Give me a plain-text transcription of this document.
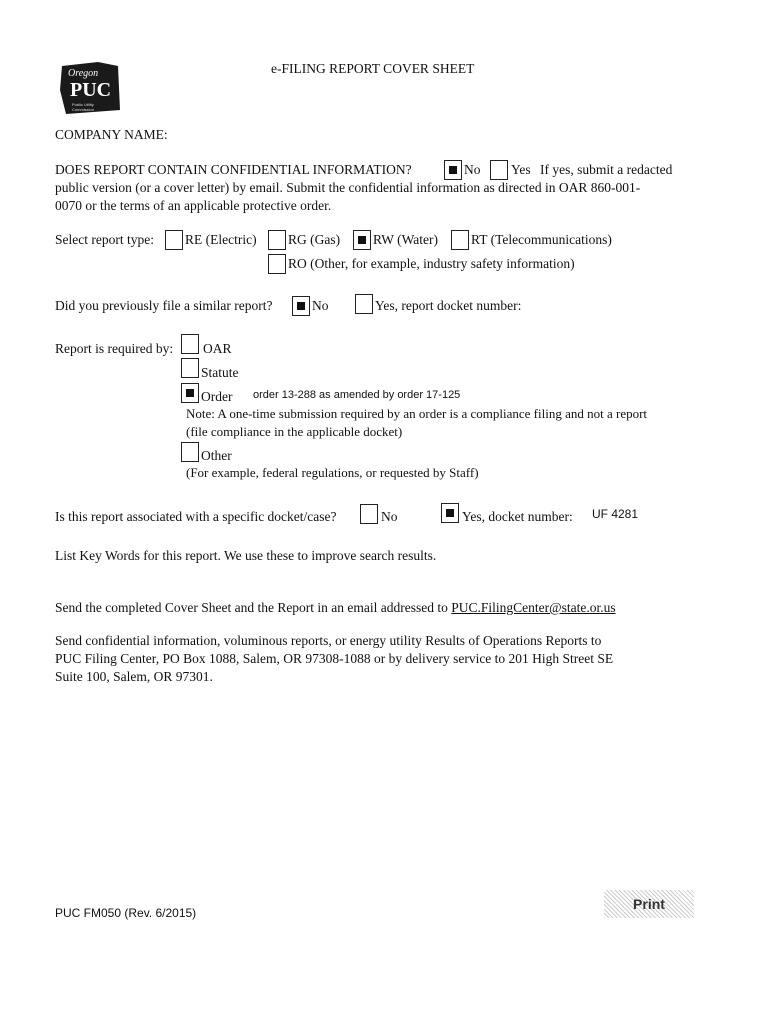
Oregon
PUC
Public Utility
Commission
e-FILING REPORT COVER SHEET
COMPANY NAME:
DOES REPORT CONTAIN CONFIDENTIAL INFORMATION?	No Yes If yes, submit a redacted
public version (or a cover letter) by email. Submit the confidential information as directed in OAR 860-001-
0070 or the terms of an applicable protective order.
Select report type: RE (Electric) RG (Gas) RW (Water) RT (Telecommunications)
RO (Other, for example, industry safety information)
Did you previously file a similar report?	No	Yes, report docket number:
Report is required by: OAR
Statute
Order order 13-288 as amended by order 17-125
Note: A one-time submission required by an order is a compliance filing and not a report
(file compliance in the applicable docket)
Other
(For example, federal regulations, or requested by Staff)
Is this report associated with a specific docket/case?	No	Yes, docket number: UF 4281
List Key Words for this report. We use these to improve search results.
Send the completed Cover Sheet and the Report in an email addressed to PUC.FilingCenter@state.or.us
Send confidential information, voluminous reports, or energy utility Results of Operations Reports to
PUC Filing Center, PO Box 1088, Salem, OR 97308-1088 or by delivery service to 201 High Street SE
Suite 100, Salem, OR 97301.
PUC FM050 (Rev. 6/2015)
Print
